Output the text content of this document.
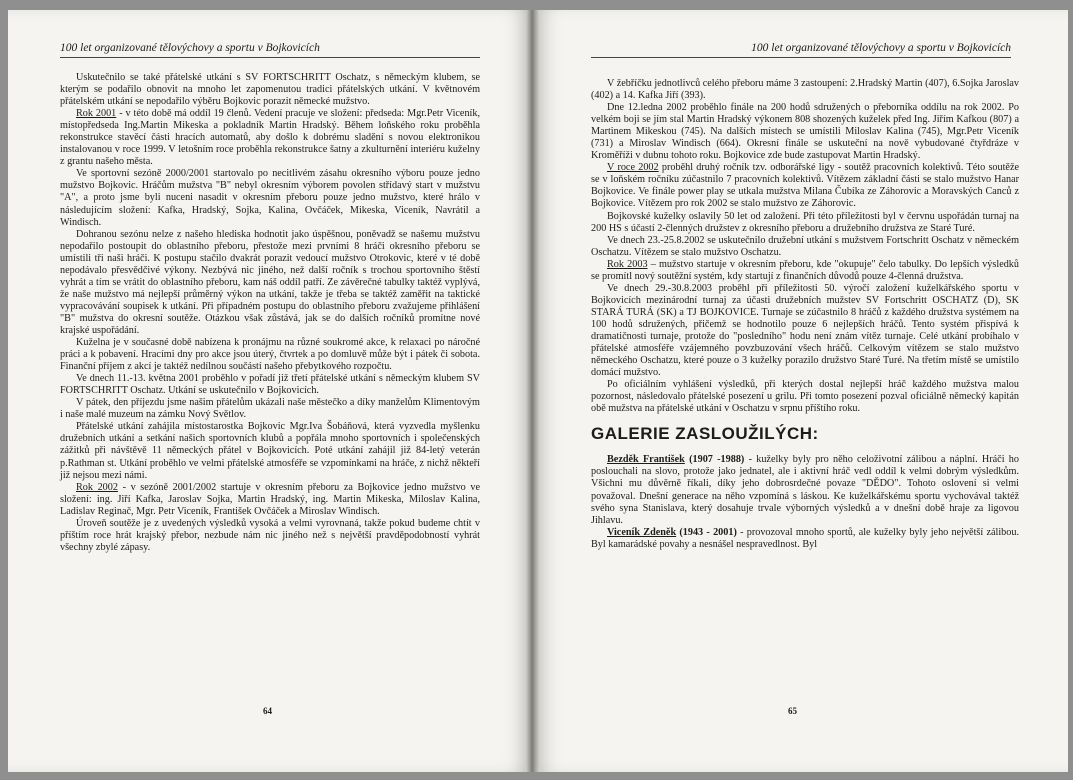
100 let organizované tělovýchovy a sportu v Bojkovicích

Uskutečnilo se také přátelské utkání s SV FORTSCHRITT Oschatz, s německým klubem, se kterým se podařilo obnovit na mnoho let zapomenutou tradici přátelských utkání. V květnovém přátelském utkání se nepodařilo výběru Bojkovic porazit německé mužstvo.

Rok 2001 - v této době má oddíl 19 členů. Vedení pracuje ve složení: předseda: Mgr.Petr Viceník, místopředseda Ing.Martin Mikeska a pokladník Martin Hradský. Během loňského roku proběhla rekonstrukce stavěcí části hracích automatů, aby došlo k dobrému sladění s novou elektronikou instalovanou v roce 1999. V letošním roce proběhla rekonstrukce šatny a zkulturnění interiéru kuželny z grantu našeho města.

Ve sportovní sezóně 2000/2001 startovalo po necitlivém zásahu okresního výboru pouze jedno mužstvo Bojkovic. Hráčům mužstva "B" nebyl okresním výborem povolen střídavý start v mužstvu "A", a proto jsme byli nuceni nasadit v okresním přeboru pouze jedno mužstvo, které hrálo v následujícím složení: Kafka, Hradský, Sojka, Kalina, Ovčáček, Mikeska, Viceník, Navrátil a Windisch.

Dohranou sezónu nelze z našeho hlediska hodnotit jako úspěšnou, poněvadž se našemu mužstvu nepodařilo postoupit do oblastního přeboru, přestože mezi prvními 8 hráči okresního přeboru se umístili tři naši hráči. K postupu stačilo dvakrát porazit vedoucí mužstvo Otrokovic, které v té době nepodávalo přesvědčivé výkony. Nezbývá nic jiného, než další ročník s trochou sportovního štěstí vyhrát a tím se vrátit do oblastního přeboru, kam náš oddíl patří. Ze závěrečné tabulky taktéž vyplývá, že naše mužstvo má nejlepší průměrný výkon na utkání, takže je třeba se taktéž zaměřit na taktické vypracovávání soupisek k utkání. Při případném postupu do oblastního přeboru zvažujeme přihlášení "B" mužstva do okresní soutěže. Otázkou však zůstává, jak se do dalších ročníků promítne nové krajské uspořádání.

Kuželna je v současné době nabízena k pronájmu na různé soukromé akce, k relaxaci po náročné práci a k pobavení. Hracími dny pro akce jsou úterý, čtvrtek a po domluvě může být i pátek či sobota. Finanční příjem z akcí je taktéž nedílnou součástí našeho přebytkového rozpočtu.

Ve dnech 11.-13. května 2001 proběhlo v pořadí již třetí přátelské utkání s německým klubem SV FORTSCHRITT Oschatz. Utkání se uskutečnilo v Bojkovicích.

V pátek, den příjezdu jsme našim přátelům ukázali naše městečko a díky manželům Klimentovým i naše malé muzeum na zámku Nový Světlov.

Přátelské utkání zahájila místostarostka Bojkovic Mgr.Iva Šobáňová, která vyzvedla myšlenku družebních utkání a setkání našich sportovních klubů a popřála mnoho sportovních i společenských zážitků při návštěvě 11 německých přátel v Bojkovicích. Poté utkání zahájil již 84-letý veterán p.Rathman st. Utkání proběhlo ve velmi přátelské atmosféře se vzpomínkami na hráče, z nichž někteří již nejsou mezi námi.

Rok 2002 - v sezóně 2001/2002 startuje v okresním přeboru za Bojkovice jedno mužstvo ve složení: ing. Jiří Kafka, Jaroslav Sojka, Martin Hradský, ing. Martin Mikeska, Miloslav Kalina, Ladislav Reginač, Mgr. Petr Viceník, František Ovčáček a Miroslav Windisch.

Úroveň soutěže je z uvedených výsledků vysoká a velmi vyrovnaná, takže pokud budeme chtít v příštím roce hrát krajský přebor, nezbude nám nic jiného než s největší pravděpodobností vyhrát všechny zbylé zápasy.

64
100 let organizované tělovýchovy a sportu v Bojkovicích

V žebříčku jednotlivců celého přeboru máme 3 zastoupení: 2.Hradský Martin (407), 6.Sojka Jaroslav (402) a 14. Kafka Jiří (393).

Dne 12.ledna 2002 proběhlo finále na 200 hodů sdružených o přeborníka oddílu na rok 2002. Po velkém boji se jím stal Martin Hradský výkonem 808 shozených kuželek před Ing. Jiřím Kafkou (807) a Martinem Mikeskou (745). Na dalších místech se umístili Miloslav Kalina (745), Mgr.Petr Viceník (731) a Miroslav Windisch (664). Okresní finále se uskuteční na nově vybudované čtyřdráze v Kroměříži v dubnu tohoto roku. Bojkovice zde bude zastupovat Martin Hradský.

V roce 2002 proběhl druhý ročník tzv. odborářské ligy - soutěž pracovních kolektivů. Této soutěže se v loňském ročníku zúčastnilo 7 pracovních kolektivů. Vítězem základní části se stalo mužstvo Hanar Bojkovice. Ve finále power play se utkala mužstva Milana Čubíka ze Záhorovic a Moravských Canců z Bojkovice. Vítězem pro rok 2002 se stalo mužstvo ze Záhorovic.

Bojkovské kuželky oslavily 50 let od založení. Při této příležitosti byl v červnu uspořádán turnaj na 200 HS s účastí 2-členných družstev z okresního přeboru a družebního družstva ze Staré Turé.

Ve dnech 23.-25.8.2002 se uskutečnilo družební utkání s mužstvem Fortschritt Oschatz v německém Oschatzu. Vítězem se stalo mužstvo Oschatzu.

Rok 2003 – mužstvo startuje v okresním přeboru, kde "okupuje" čelo tabulky. Do lepších výsledků se promítl nový soutěžní systém, kdy startují z finančních důvodů pouze 4-členná družstva.

Ve dnech 29.-30.8.2003 proběhl při příležitosti 50. výročí založení kuželkářského sportu v Bojkovicích mezinárodní turnaj za účasti družebních mužstev SV Fortschritt OSCHATZ (D), SK STARÁ TURÁ (SK) a TJ BOJKOVICE. Turnaje se zúčastnilo 8 hráčů z každého družstva systémem na 100 hodů sdružených, přičemž se hodnotilo pouze 6 nejlepších hráčů. Tento systém přispívá k dramatičnosti turnaje, protože do "posledního" hodu není znám vítěz turnaje. Celé utkání probíhalo v přátelské atmosféře vzájemného povzbuzování všech hráčů. Celkovým vítězem se stalo mužstvo německého Oschatzu, které pouze o 3 kuželky porazilo družstvo Staré Turé. Na třetím místě se umístilo domácí mužstvo.

Po oficiálním vyhlášení výsledků, při kterých dostal nejlepší hráč každého mužstva malou pozornost, následovalo přátelské posezení u grilu. Při tomto posezení pozval oficiálně německý kapitán obě mužstva na přátelské utkání v Oschatzu v srpnu příštího roku.

GALERIE ZASLOUŽILÝCH:

Bezděk František (1907 -1988) - kuželky byly pro něho celoživotní zálibou a náplní. Hráči ho poslouchali na slovo, protože jako jednatel, ale i aktivní hráč vedl oddíl k velmi dobrým výsledkům. Všichni mu důvěrně říkali, díky jeho dobrosrdečné povaze "DĚDO". Tohoto oslovení si velmi považoval. Dnešní generace na něho vzpomíná s láskou. Ke kuželkářskému sportu vychovával taktéž svého syna Stanislava, který dosahuje trvale výborných výsledků a v dnešní době hraje za ligovou Jihlavu.

Viceník Zdeněk (1943 - 2001) - provozoval mnoho sportů, ale kuželky byly jeho největší zálibou. Byl kamarádské povahy a nesnášel nespravedlnost. Byl

65
